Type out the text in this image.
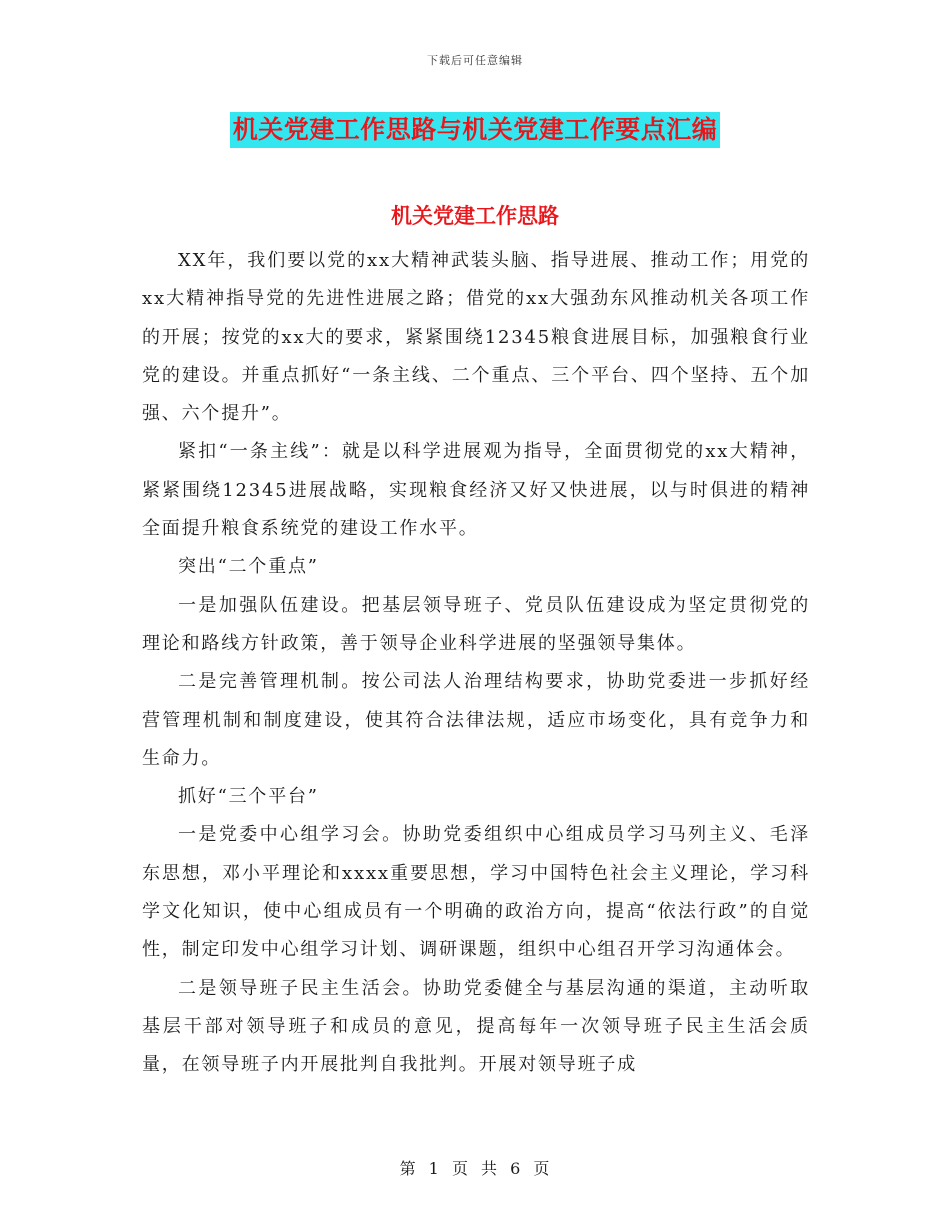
下载后可任意编辑
机关党建工作思路与机关党建工作要点汇编
机关党建工作思路

XX年，我们要以党的xx大精神武装头脑、指导进展、推动工作；用党的xx大精神指导党的先进性进展之路；借党的xx大强劲东风推动机关各项工作的开展；按党的xx大的要求，紧紧围绕12345粮食进展目标，加强粮食行业党的建设。并重点抓好“一条主线、二个重点、三个平台、四个坚持、五个加强、六个提升”。

紧扣“一条主线”：就是以科学进展观为指导，全面贯彻党的xx大精神，紧紧围绕12345进展战略，实现粮食经济又好又快进展，以与时俱进的精神全面提升粮食系统党的建设工作水平。

突出“二个重点”

一是加强队伍建设。把基层领导班子、党员队伍建设成为坚定贯彻党的理论和路线方针政策，善于领导企业科学进展的坚强领导集体。

二是完善管理机制。按公司法人治理结构要求，协助党委进一步抓好经营管理机制和制度建设，使其符合法律法规，适应市场变化，具有竞争力和生命力。

抓好“三个平台”

一是党委中心组学习会。协助党委组织中心组成员学习马列主义、毛泽东思想，邓小平理论和xxxx重要思想，学习中国特色社会主义理论，学习科学文化知识，使中心组成员有一个明确的政治方向，提高“依法行政”的自觉性，制定印发中心组学习计划、调研课题，组织中心组召开学习沟通体会。

二是领导班子民主生活会。协助党委健全与基层沟通的渠道，主动听取基层干部对领导班子和成员的意见，提高每年一次领导班子民主生活会质量，在领导班子内开展批判自我批判。开展对领导班子成

第 1 页 共 6 页
